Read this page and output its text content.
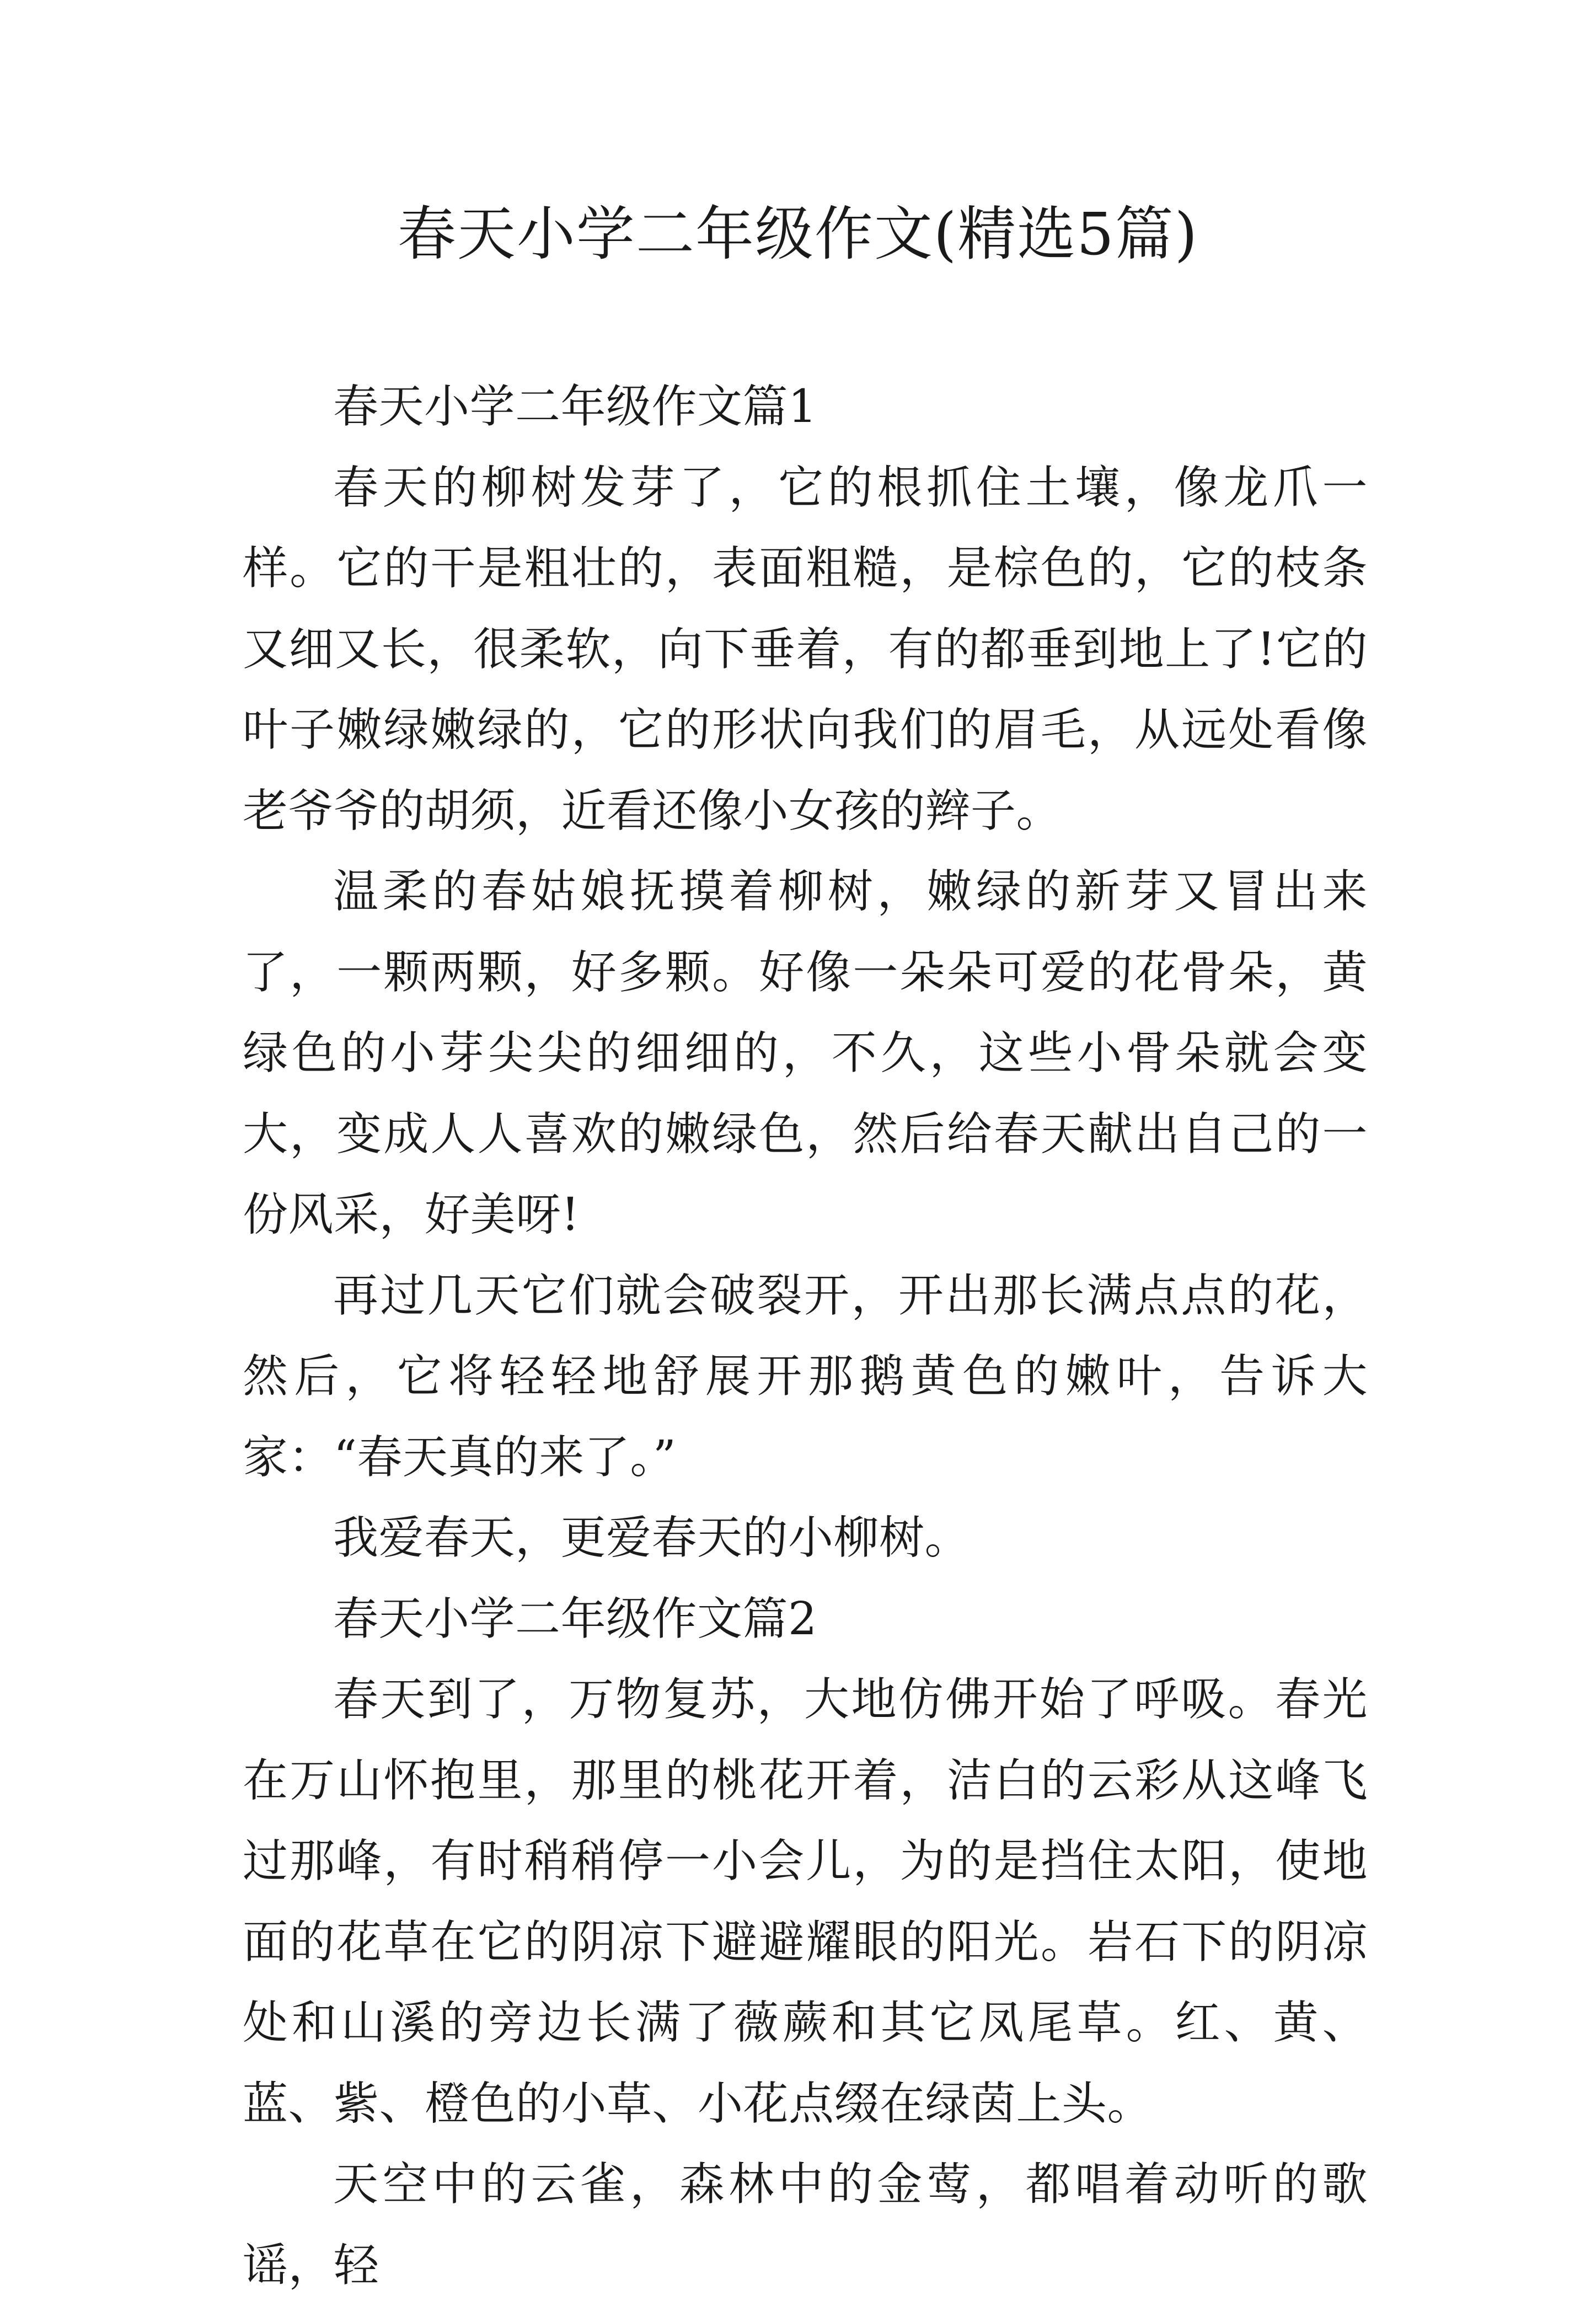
春天小学二年级作文(精选5篇)

春天小学二年级作文篇1

春天的柳树发芽了，它的根抓住土壤，像龙爪一样。它的干是粗壮的，表面粗糙，是棕色的，它的枝条又细又长，很柔软，向下垂着，有的都垂到地上了!它的叶子嫩绿嫩绿的，它的形状向我们的眉毛，从远处看像老爷爷的胡须，近看还像小女孩的辫子。

温柔的春姑娘抚摸着柳树，嫩绿的新芽又冒出来了，一颗两颗，好多颗。好像一朵朵可爱的花骨朵，黄绿色的小芽尖尖的细细的，不久，这些小骨朵就会变大，变成人人喜欢的嫩绿色，然后给春天献出自己的一份风采，好美呀!

再过几天它们就会破裂开，开出那长满点点的花，然后，它将轻轻地舒展开那鹅黄色的嫩叶，告诉大家：“春天真的来了。”

我爱春天，更爱春天的小柳树。

春天小学二年级作文篇2

春天到了，万物复苏，大地仿佛开始了呼吸。春光在万山怀抱里，那里的桃花开着，洁白的云彩从这峰飞过那峰，有时稍稍停一小会儿，为的是挡住太阳，使地面的花草在它的阴凉下避避耀眼的阳光。岩石下的阴凉处和山溪的旁边长满了薇蕨和其它凤尾草。红、黄、蓝、紫、橙色的小草、小花点缀在绿茵上头。

天空中的云雀，森林中的金莺，都唱着动听的歌谣，轻
